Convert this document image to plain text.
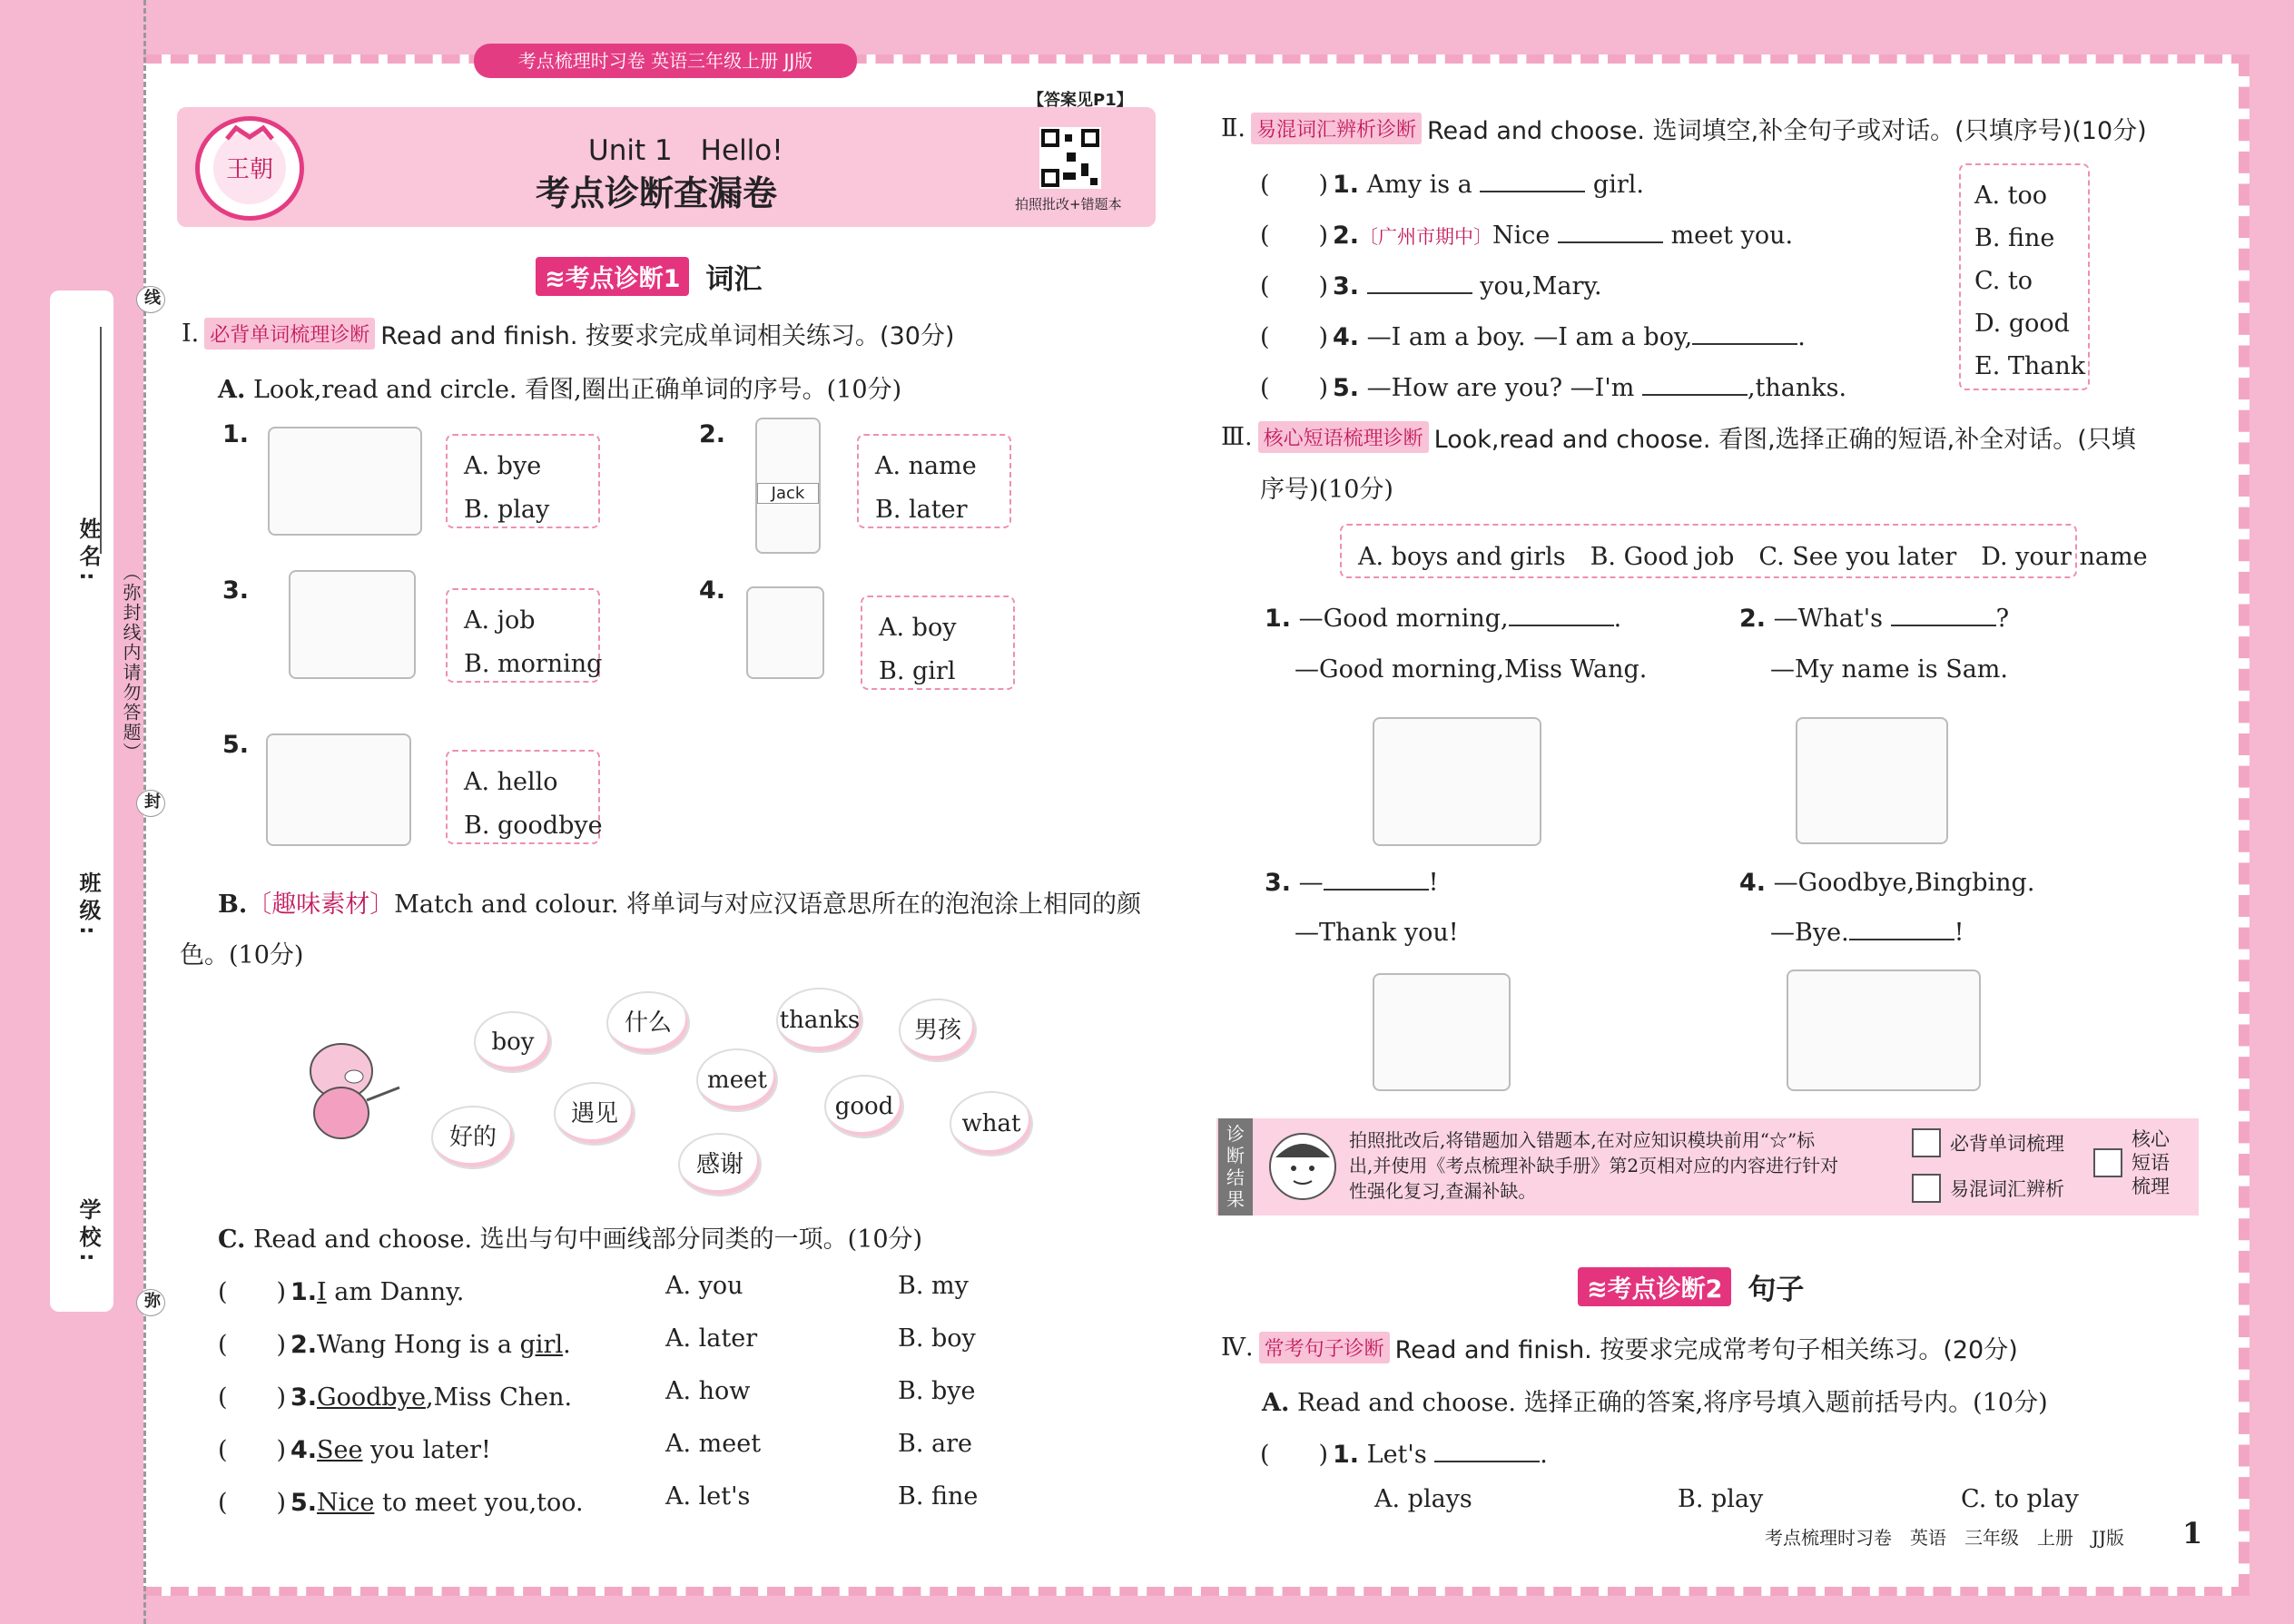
姓名:
班级:
学校:
（弥封线内请勿答题）
线
封
弥
考点梳理时习卷 英语三年级上册 JJ版
王朝
【答案见P1】
Unit 1　Hello!
考点诊断查漏卷	拍照批改+错题本
≋考点诊断1 词汇
Ⅰ. 必背单词梳理诊断 Read and finish. 按要求完成单词相关练习。(30分)
A. Look,read and circle. 看图,圈出正确单词的序号。(10分)
1.
A. bye
B. play
2.
Jack
A. name
B. later
3.
A. job
B. morning
4.
A. boy
B. girl
5.
A. hello
B. goodbye
B.〔趣味素材〕Match and colour. 将单词与对应汉语意思所在的泡泡涂上相同的颜
色。(10分)
boy
什么	thanks	男孩
meet
遇见	good
好的	what
感谢
C. Read and choose. 选出与句中画线部分同类的一项。(10分)
(　　) 1.I am Danny.	A. you	B. my
(　　) 2.Wang Hong is a girl.	A. later	B. boy
(　　) 3.Goodbye,Miss Chen.	A. how	B. bye
(　　) 4.See you later!	A. meet	B. are
(　　) 5.Nice to meet you,too.	A. let's	B. fine
Ⅱ. 易混词汇辨析诊断 Read and choose. 选词填空,补全句子或对话。(只填序号)(10分)
(　　) 1. Amy is a	girl.
(　　) 2.〔广州市期中〕Nice	meet you.
(　　) 3.	you,Mary.
(　　) 4. —I am a boy. —I am a boy,	.
(　　) 5. —How are you? —I'm	,thanks.
A. too
B. fine
C. to
D. good
E. Thank
Ⅲ. 核心短语梳理诊断 Look,read and choose. 看图,选择正确的短语,补全对话。(只填
序号)(10分)
A. boys and girls　B. Good job　C. See you later　D. your name
1. —Good morning,	.
—Good morning,Miss Wang.
2. —What's	?
—My name is Sam.
3. —	!
—Thank you!
4. —Goodbye,Bingbing.
—Bye.	!
诊断结果
拍照批改后,将错题加入错题本,在对应知识模块前用“☆”标
出,并使用《考点梳理补缺手册》第2页相对应的内容进行针对
性强化复习,查漏补缺。
必背单词梳理
易混词汇辨析
核心短语梳理
≋考点诊断2 句子
Ⅳ. 常考句子诊断 Read and finish. 按要求完成常考句子相关练习。(20分)
A. Read and choose. 选择正确的答案,将序号填入题前括号内。(10分)
(　　) 1. Let's	.
A. plays	B. play	C. to play
考点梳理时习卷　英语　三年级　上册　JJ版 1
